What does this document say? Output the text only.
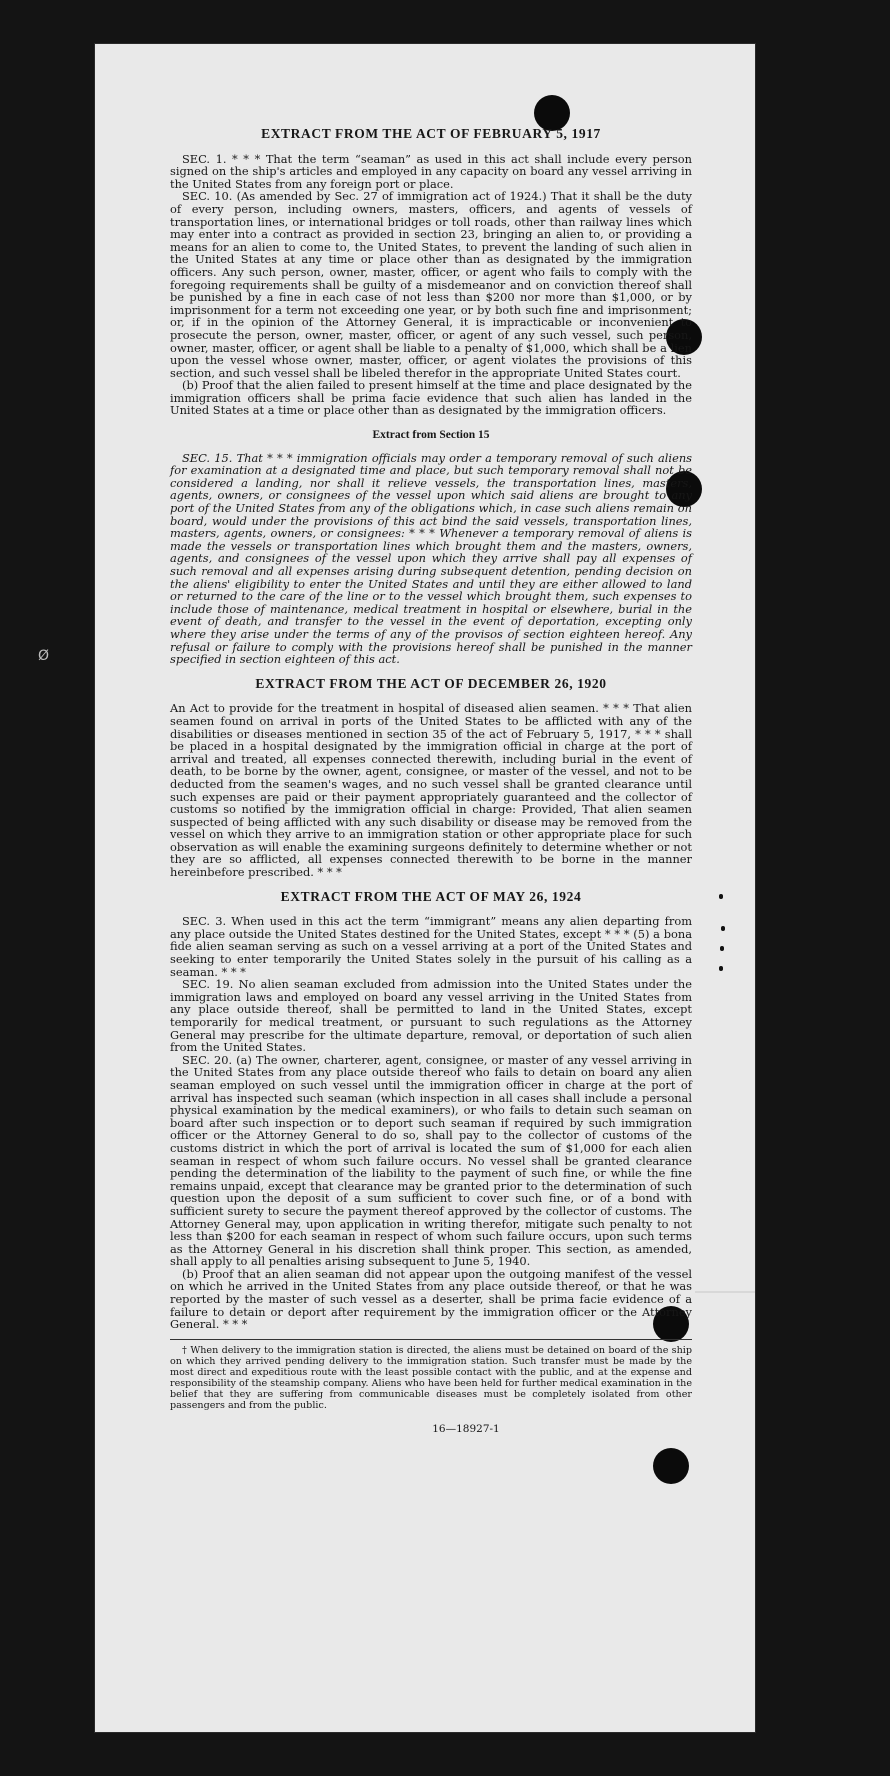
EXTRACT FROM THE ACT OF FEBRUARY 5, 1917

SEC. 1. * * * That the term “seaman” as used in this act shall include every person signed on the ship's articles and employed in any capacity on board any vessel arriving in the United States from any foreign port or place.

SEC. 10. (As amended by Sec. 27 of immigration act of 1924.) That it shall be the duty of every person, including owners, masters, officers, and agents of vessels of transportation lines, or international bridges or toll roads, other than railway lines which may enter into a contract as provided in section 23, bringing an alien to, or providing a means for an alien to come to, the United States, to prevent the landing of such alien in the United States at any time or place other than as designated by the immigration officers. Any such person, owner, master, officer, or agent who fails to comply with the foregoing requirements shall be guilty of a misdemeanor and on conviction thereof shall be punished by a fine in each case of not less than $200 nor more than $1,000, or by imprisonment for a term not exceeding one year, or by both such fine and imprisonment; or, if in the opinion of the Attorney General, it is impracticable or inconvenient to prosecute the person, owner, master, officer, or agent of any such vessel, such person, owner, master, officer, or agent shall be liable to a penalty of $1,000, which shall be a lien upon the vessel whose owner, master, officer, or agent violates the provisions of this section, and such vessel shall be libeled therefor in the appropriate United States court.

(b) Proof that the alien failed to present himself at the time and place designated by the immigration officers shall be prima facie evidence that such alien has landed in the United States at a time or place other than as designated by the immigration officers.

Extract from Section 15

SEC. 15. That * * * immigration officials may order a temporary removal of such aliens for examination at a designated time and place, but such temporary removal shall not be considered a landing, nor shall it relieve vessels, the transportation lines, masters, agents, owners, or consignees of the vessel upon which said aliens are brought to any port of the United States from any of the obligations which, in case such aliens remain on board, would under the provisions of this act bind the said vessels, transportation lines, masters, agents, owners, or consignees: * * * Whenever a temporary removal of aliens is made the vessels or transportation lines which brought them and the masters, owners, agents, and consignees of the vessel upon which they arrive shall pay all expenses of such removal and all expenses arising during subsequent detention, pending decision on the aliens' eligibility to enter the United States and until they are either allowed to land or returned to the care of the line or to the vessel which brought them, such expenses to include those of maintenance, medical treatment in hospital or elsewhere, burial in the event of death, and transfer to the vessel in the event of deportation, excepting only where they arise under the terms of any of the provisos of section eighteen hereof. Any refusal or failure to comply with the provisions hereof shall be punished in the manner specified in section eighteen of this act.

EXTRACT FROM THE ACT OF DECEMBER 26, 1920

An Act to provide for the treatment in hospital of diseased alien seamen. * * * That alien seamen found on arrival in ports of the United States to be afflicted with any of the disabilities or diseases mentioned in section 35 of the act of February 5, 1917, * * * shall be placed in a hospital designated by the immigration official in charge at the port of arrival and treated, all expenses connected therewith, including burial in the event of death, to be borne by the owner, agent, consignee, or master of the vessel, and not to be deducted from the seamen's wages, and no such vessel shall be granted clearance until such expenses are paid or their payment appropriately guaranteed and the collector of customs so notified by the immigration official in charge: Provided, That alien seamen suspected of being afflicted with any such disability or disease may be removed from the vessel on which they arrive to an immigration station or other appropriate place for such observation as will enable the examining surgeons definitely to determine whether or not they are so afflicted, all expenses connected therewith to be borne in the manner hereinbefore prescribed. * * *

EXTRACT FROM THE ACT OF MAY 26, 1924

SEC. 3. When used in this act the term “immigrant” means any alien departing from any place outside the United States destined for the United States, except * * * (5) a bona fide alien seaman serving as such on a vessel arriving at a port of the United States and seeking to enter temporarily the United States solely in the pursuit of his calling as a seaman. * * *

SEC. 19. No alien seaman excluded from admission into the United States under the immigration laws and employed on board any vessel arriving in the United States from any place outside thereof, shall be permitted to land in the United States, except temporarily for medical treatment, or pursuant to such regulations as the Attorney General may prescribe for the ultimate departure, removal, or deportation of such alien from the United States.

SEC. 20. (a) The owner, charterer, agent, consignee, or master of any vessel arriving in the United States from any place outside thereof who fails to detain on board any alien seaman employed on such vessel until the immigration officer in charge at the port of arrival has inspected such seaman (which inspection in all cases shall include a personal physical examination by the medical examiners), or who fails to detain such seaman on board after such inspection or to deport such seaman if required by such immigration officer or the Attorney General to do so, shall pay to the collector of customs of the customs district in which the port of arrival is located the sum of $1,000 for each alien seaman in respect of whom such failure occurs. No vessel shall be granted clearance pending the determination of the liability to the payment of such fine, or while the fine remains unpaid, except that clearance may be granted prior to the determination of such question upon the deposit of a sum sufficient to cover such fine, or of a bond with sufficient surety to secure the payment thereof approved by the collector of customs. The Attorney General may, upon application in writing therefor, mitigate such penalty to not less than $200 for each seaman in respect of whom such failure occurs, upon such terms as the Attorney General in his discretion shall think proper. This section, as amended, shall apply to all penalties arising subsequent to June 5, 1940.

(b) Proof that an alien seaman did not appear upon the outgoing manifest of the vessel on which he arrived in the United States from any place outside thereof, or that he was reported by the master of such vessel as a deserter, shall be prima facie evidence of a failure to detain or deport after requirement by the immigration officer or the Attorney General. * * *

† When delivery to the immigration station is directed, the aliens must be detained on board of the ship on which they arrived pending delivery to the immigration station. Such transfer must be made by the most direct and expeditious route with the least possible contact with the public, and at the expense and responsibility of the steamship company. Aliens who have been held for further medical examination in the belief that they are suffering from communicable diseases must be completely isolated from other passengers and from the public.

16—18927-1
Ø
